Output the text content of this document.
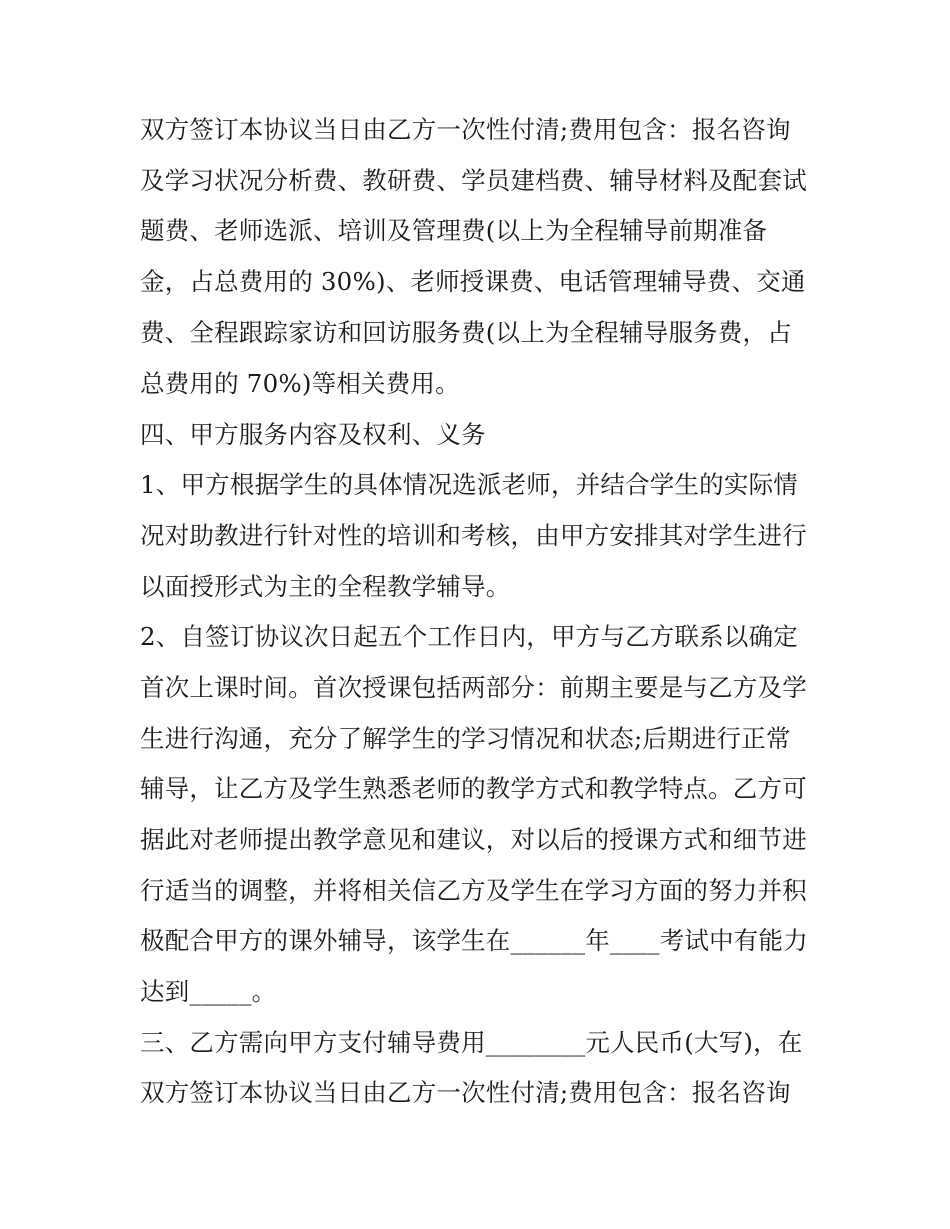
双方签订本协议当日由乙方一次性付清;费用包含：报名咨询
及学习状况分析费、教研费、学员建档费、辅导材料及配套试
题费、老师选派、培训及管理费(以上为全程辅导前期准备
金，占总费用的 30%)、老师授课费、电话管理辅导费、交通
费、全程跟踪家访和回访服务费(以上为全程辅导服务费，占
总费用的 70%)等相关费用。
四、甲方服务内容及权利、义务
1、甲方根据学生的具体情况选派老师，并结合学生的实际情
况对助教进行针对性的培训和考核，由甲方安排其对学生进行
以面授形式为主的全程教学辅导。
2、自签订协议次日起五个工作日内，甲方与乙方联系以确定
首次上课时间。首次授课包括两部分：前期主要是与乙方及学
生进行沟通，充分了解学生的学习情况和状态;后期进行正常
辅导，让乙方及学生熟悉老师的教学方式和教学特点。乙方可
据此对老师提出教学意见和建议，对以后的授课方式和细节进
行适当的调整，并将相关信乙方及学生在学习方面的努力并积
极配合甲方的课外辅导，该学生在______年____考试中有能力
达到_____。
三、乙方需向甲方支付辅导费用________元人民币(大写)，在
双方签订本协议当日由乙方一次性付清;费用包含：报名咨询
